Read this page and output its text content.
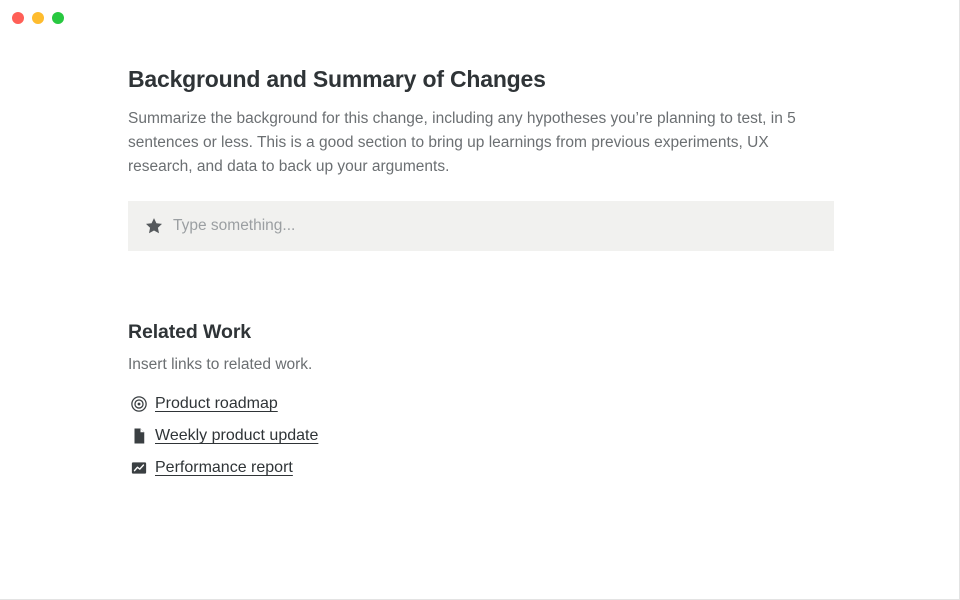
Background and Summary of Changes

Summarize the background for this change, including any hypotheses you’re planning to test, in 5 sentences or less. This is a good section to bring up learnings from previous experiments, UX research, and data to back up your arguments.

Type something...
Related Work

Insert links to related work.

Product roadmap
Weekly product update
Performance report
